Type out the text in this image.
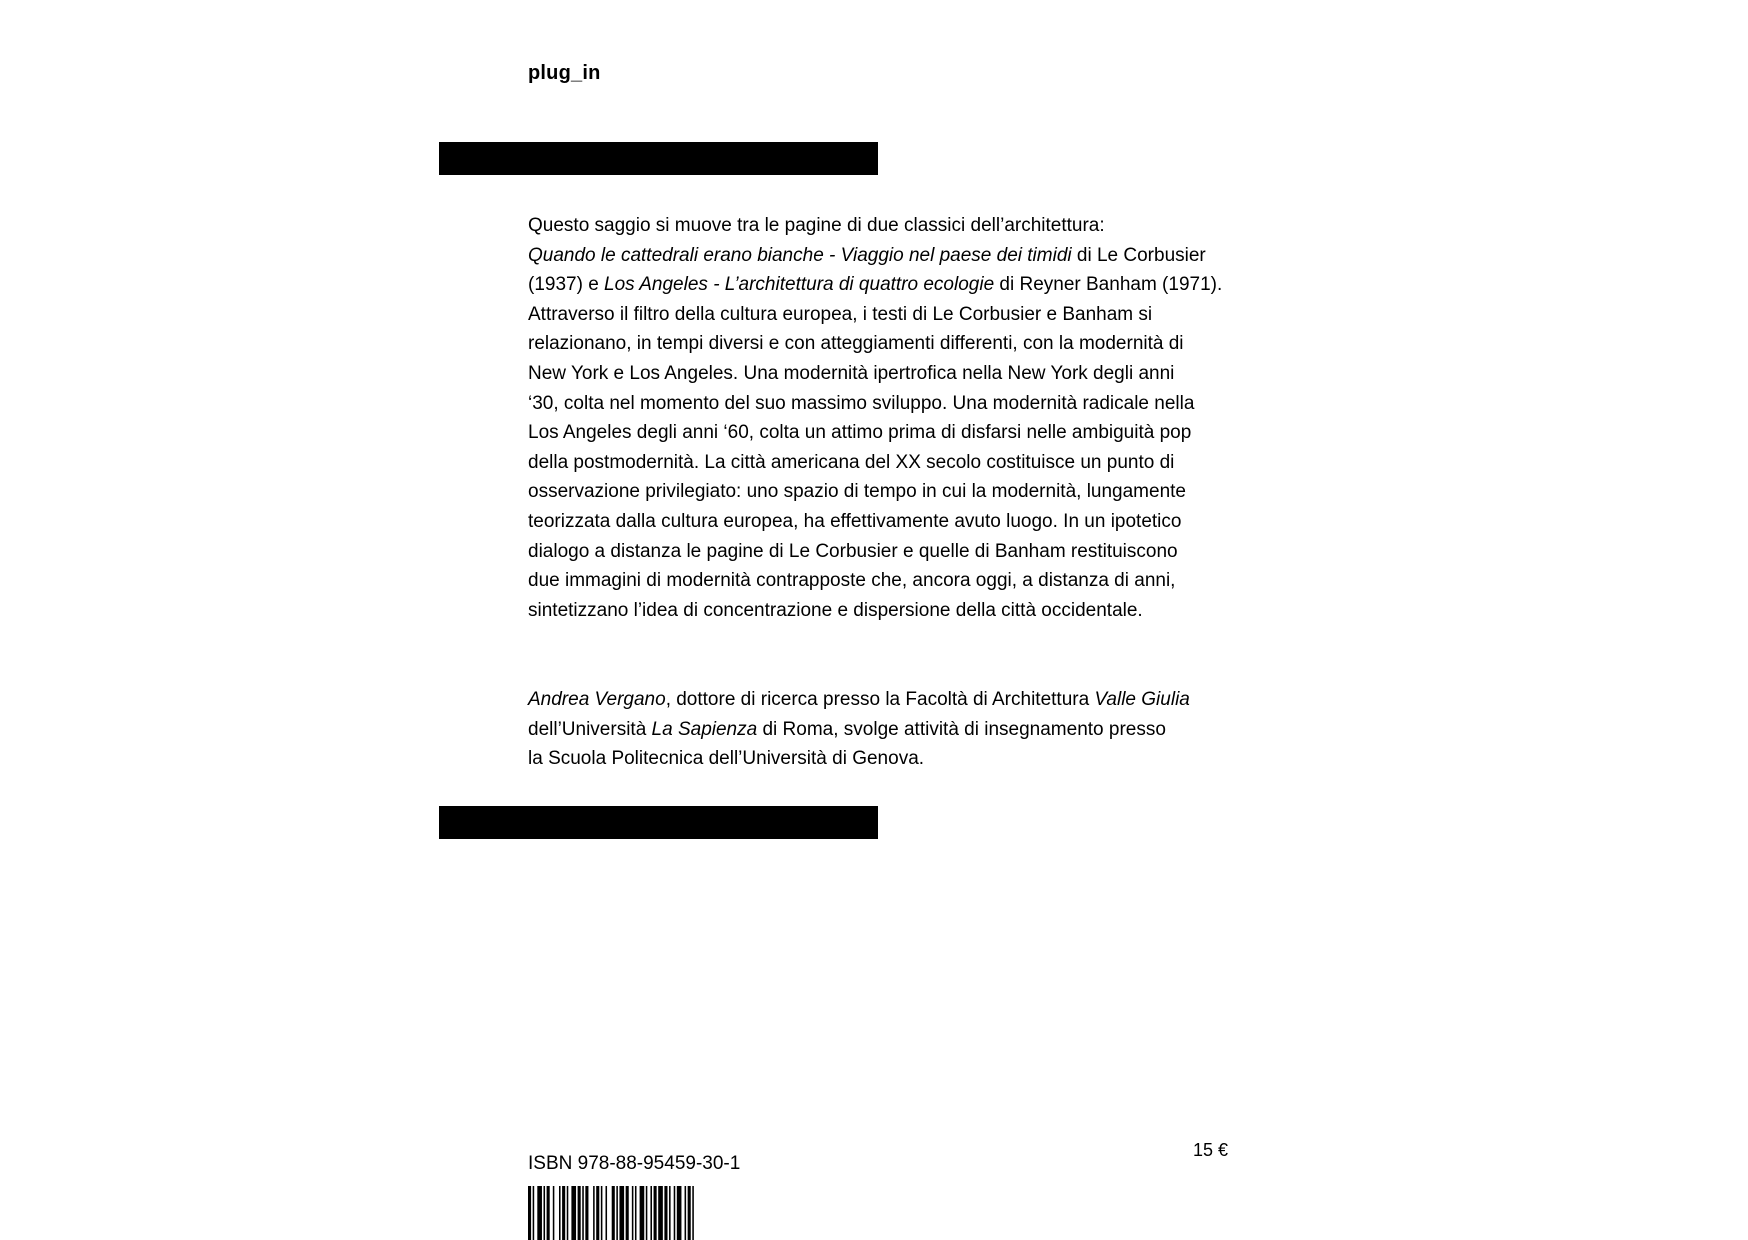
plug_in

Questo saggio si muove tra le pagine di due classici dell’architettura:
Quando le cattedrali erano bianche - Viaggio nel paese dei timidi di Le Corbusier
(1937) e Los Angeles - L’architettura di quattro ecologie di Reyner Banham (1971).
Attraverso il filtro della cultura europea, i testi di Le Corbusier e Banham si
relazionano, in tempi diversi e con atteggiamenti differenti, con la modernità di
New York e Los Angeles. Una modernità ipertrofica nella New York degli anni
‘30, colta nel momento del suo massimo sviluppo. Una modernità radicale nella
Los Angeles degli anni ‘60, colta un attimo prima di disfarsi nelle ambiguità pop
della postmodernità. La città americana del XX secolo costituisce un punto di
osservazione privilegiato: uno spazio di tempo in cui la modernità, lungamente
teorizzata dalla cultura europea, ha effettivamente avuto luogo. In un ipotetico
dialogo a distanza le pagine di Le Corbusier e quelle di Banham restituiscono
due immagini di modernità contrapposte che, ancora oggi, a distanza di anni,
sintetizzano l’idea di concentrazione e dispersione della città occidentale.

Andrea Vergano, dottore di ricerca presso la Facoltà di Architettura Valle Giulia
dell’Università La Sapienza di Roma, svolge attività di insegnamento presso
la Scuola Politecnica dell’Università di Genova.

ISBN 978-88-95459-30-1
15 €
